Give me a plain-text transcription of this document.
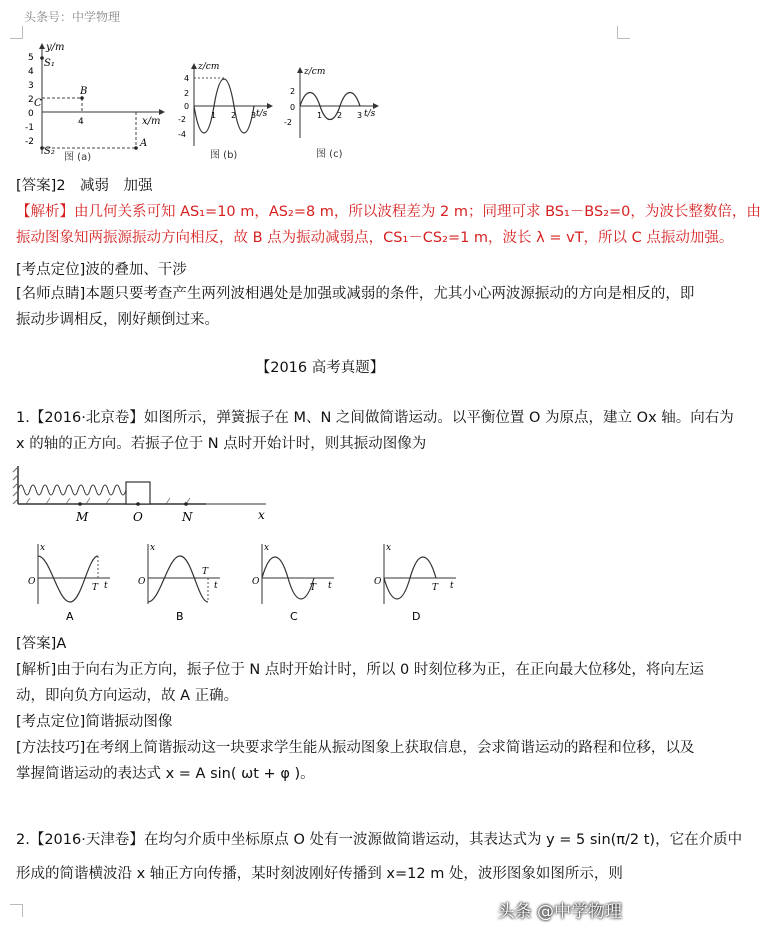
头条号：中学物理
y/m
x/m
5
4
3
2
0
-1
-2
S₁
S₂
B
C
4
A
图 (a)
z/cm
t/s
4
2
0
-2
-4
1 2 3
图 (b)
z/cm
t/s
2
0
-2
1 2 3
图 (c)
[答案]2　减弱　加强
【解析】由几何关系可知 AS₁=10 m，AS₂=8 m，所以波程差为 2 m；同理可求 BS₁－BS₂=0，为波长整数倍，由
振动图象知两振源振动方向相反，故 B 点为振动减弱点，CS₁－CS₂=1 m，波长 λ = vT，所以 C 点振动加强。
[考点定位]波的叠加、干涉
[名师点睛]本题只要考查产生两列波相遇处是加强或减弱的条件，尤其小心两波源振动的方向是相反的，即
振动步调相反，刚好颠倒过来。
【2016 高考真题】
1.【2016·北京卷】如图所示，弹簧振子在 M、N 之间做简谐运动。以平衡位置 O 为原点，建立 Ox 轴。向右为
x 的轴的正方向。若振子位于 N 点时开始计时，则其振动图像为
M	O	N	x
x
O
T t
A
x
O
T
t
B
x
O
T t
C
x
O
T t
D
[答案]A
[解析]由于向右为正方向，振子位于 N 点时开始计时，所以 0 时刻位移为正，在正向最大位移处，将向左运
动，即向负方向运动，故 A 正确。
[考点定位]简谐振动图像
[方法技巧]在考纲上简谐振动这一块要求学生能从振动图象上获取信息，会求简谐运动的路程和位移，以及
掌握简谐运动的表达式 x = A sin( ωt + φ )。
2.【2016·天津卷】在均匀介质中坐标原点 O 处有一波源做简谐运动，其表达式为 y = 5 sin(π/2 t)，它在介质中
形成的简谐横波沿 x 轴正方向传播，某时刻波刚好传播到 x=12 m 处，波形图象如图所示，则
头条 @中学物理
